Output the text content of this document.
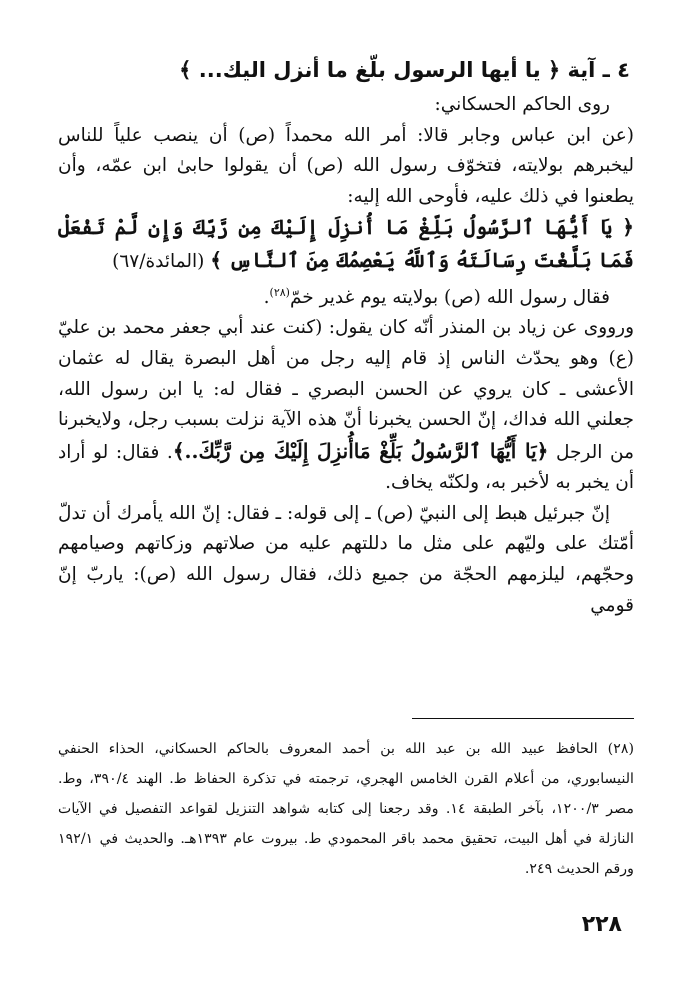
٤ ـ آية ﴿ يا أيها الرسول بلّغ ما أنزل اليك... ﴾

روى الحاكم الحسكاني:

(عن ابن عباس وجابر قالا: أمر الله محمداً (ص) أن ينصب علياً للناس ليخبرهم بولايته، فتخوّف رسول الله (ص) أن يقولوا حابىٰ ابن عمّه، وأن يطعنوا في ذلك عليه، فأوحى الله إليه:

﴿ يَا أَيُّهَا ٱلرَّسُولُ بَلِّغْ مَا أُنزِلَ إِلَيْكَ مِن رَّبِّكَ وَإِن لَّمْ تَفْعَلْ فَمَا بَلَّغْتَ رِسَالَتَهُ وَٱللَّهُ يَعْصِمُكَ مِنَ ٱلنَّاسِ ﴾ (المائدة/٦٧)

فقال رسول الله (ص) بولايته يوم غدير خمّ$^{(٢٨)}$.

ورووى عن زياد بن المنذر أنّه كان يقول: (كنت عند أبي جعفر محمد بن عليّ (ع) وهو يحدّث الناس إذ قام إليه رجل من أهل البصرة يقال له عثمان الأعشى ـ كان يروي عن الحسن البصري ـ فقال له: يا ابن رسول الله، جعلني الله فداك، إنّ الحسن يخبرنا أنّ هذه الآية نزلت بسبب رجل، ولايخبرنا من الرجل ﴿يَا أَيُّهَا ٱلرَّسُولُ بَلِّغْ مَاأُنزِلَ إِلَيْكَ مِن رَّبِّكَ..﴾. فقال: لو أراد أن يخبر به لأخبر به، ولكنّه يخاف.

إنّ جبرئيل هبط إلى النبيّ (ص) ـ إلى قوله: ـ فقال: إنّ الله يأمرك أن تدلّ أمّتك على وليّهم على مثل ما دللتهم عليه من صلاتهم وزكاتهم وصيامهم وحجّهم، ليلزمهم الحجّة من جميع ذلك، فقال رسول الله (ص): ياربّ إنّ قومي

(٢٨) الحافظ عبيد الله بن عبد الله بن أحمد المعروف بالحاكم الحسكاني، الحذاء الحنفي النيسابوري، من أعلام القرن الخامس الهجري، ترجمته في تذكرة الحفاظ ط. الهند ٣٩٠/٤، وط. مصر ١٢٠٠/٣، بآخر الطبقة ١٤. وقد رجعنا إلى كتابه شواهد التنزيل لقواعد التفصيل في الآيات النازلة في أهل البيت، تحقيق محمد باقر المحمودي ط. بيروت عام ١٣٩٣هـ. والحديث في ١٩٢/١ ورقم الحديث ٢٤٩.
٢٢٨
